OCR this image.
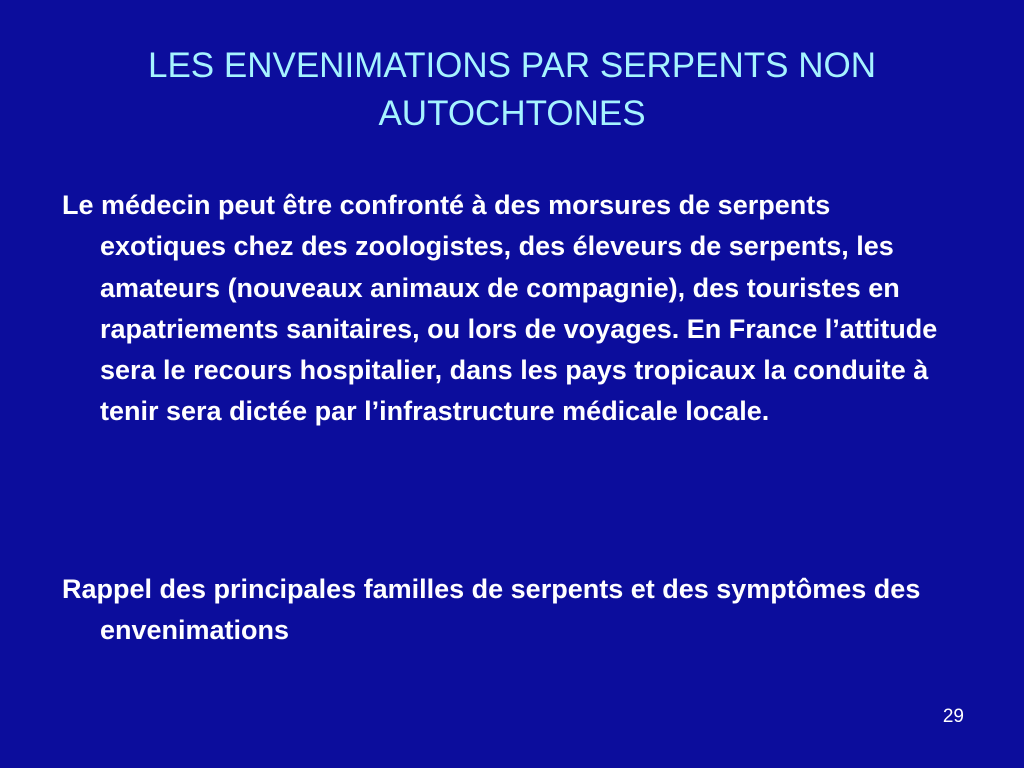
LES ENVENIMATIONS PAR SERPENTS NON AUTOCHTONES

Le médecin peut être confronté à des morsures de serpents exotiques chez des zoologistes, des éleveurs de serpents, les amateurs (nouveaux animaux de compagnie), des touristes en rapatriements sanitaires, ou lors de voyages. En France l’attitude sera le recours hospitalier, dans les pays tropicaux la conduite à tenir sera dictée par l’infrastructure médicale locale.

Rappel des principales familles de serpents et des symptômes des envenimations

29
